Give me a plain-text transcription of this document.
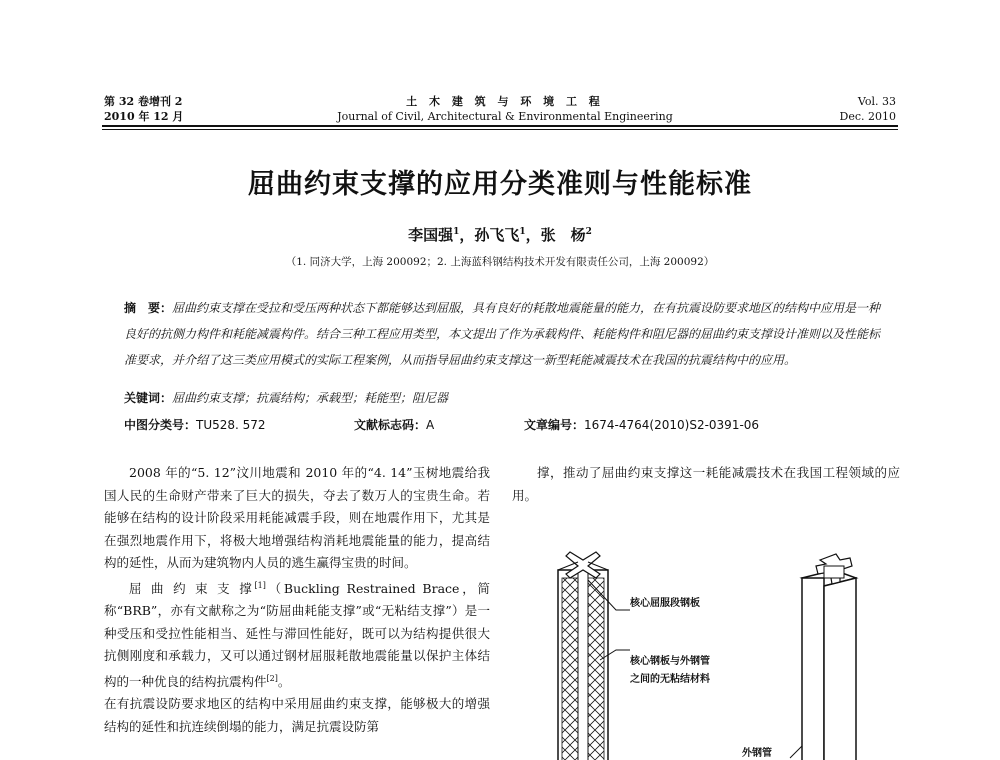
第 32 卷增刊 2
2010 年 12 月
土 木 建 筑 与 环 境 工 程
Journal of Civil, Architectural & Environmental Engineering
Vol. 33
Dec. 2010
屈曲约束支撑的应用分类准则与性能标准
李国强$^1$，孙飞飞$^1$，张　杨$^2$
（1. 同济大学，上海 200092；2. 上海蓝科钢结构技术开发有限责任公司，上海 200092）
摘　要：屈曲约束支撑在受拉和受压两种状态下都能够达到屈服，具有良好的耗散地震能量的能力，在有抗震设防要求地区的结构中应用是一种良好的抗侧力构件和耗能减震构件。结合三种工程应用类型，本文提出了作为承载构件、耗能构件和阻尼器的屈曲约束支撑设计准则以及性能标准要求，并介绍了这三类应用模式的实际工程案例，从而指导屈曲约束支撑这一新型耗能减震技术在我国的抗震结构中的应用。
关键词：屈曲约束支撑；抗震结构；承载型；耗能型；阻尼器
中图分类号：TU528. 572	文献标志码：A	文章编号：1674-4764(2010)S2-0391-06

2008 年的“5. 12”汶川地震和 2010 年的“4. 14”玉树地震给我国人民的生命财产带来了巨大的损失，夺去了数万人的宝贵生命。若能够在结构的设计阶段采用耗能减震手段，则在地震作用下，尤其是在强烈地震作用下，将极大地增强结构消耗地震能量的能力，提高结构的延性，从而为建筑物内人员的逃生赢得宝贵的时间。

屈 曲 约 束 支 撑[1]（Buckling Restrained Brace，简称“BRB”，亦有文献称之为“防屈曲耗能支撑”或“无粘结支撑”）是一种受压和受拉性能相当、延性与滞回性能好，既可以为结构提供很大抗侧刚度和承载力，又可以通过钢材屈服耗散地震能量以保护主体结构的一种优良的结构抗震构件[2]。

在有抗震设防要求地区的结构中采用屈曲约束支撑，能够极大的增强结构的延性和抗连续倒塌的能力，满足抗震设防第

撑，推动了屈曲约束支撑这一耗能减震技术在我国工程领域的应用。
核心屈服段钢板
核心钢板与外钢管
之间的无粘结材料
外钢管
